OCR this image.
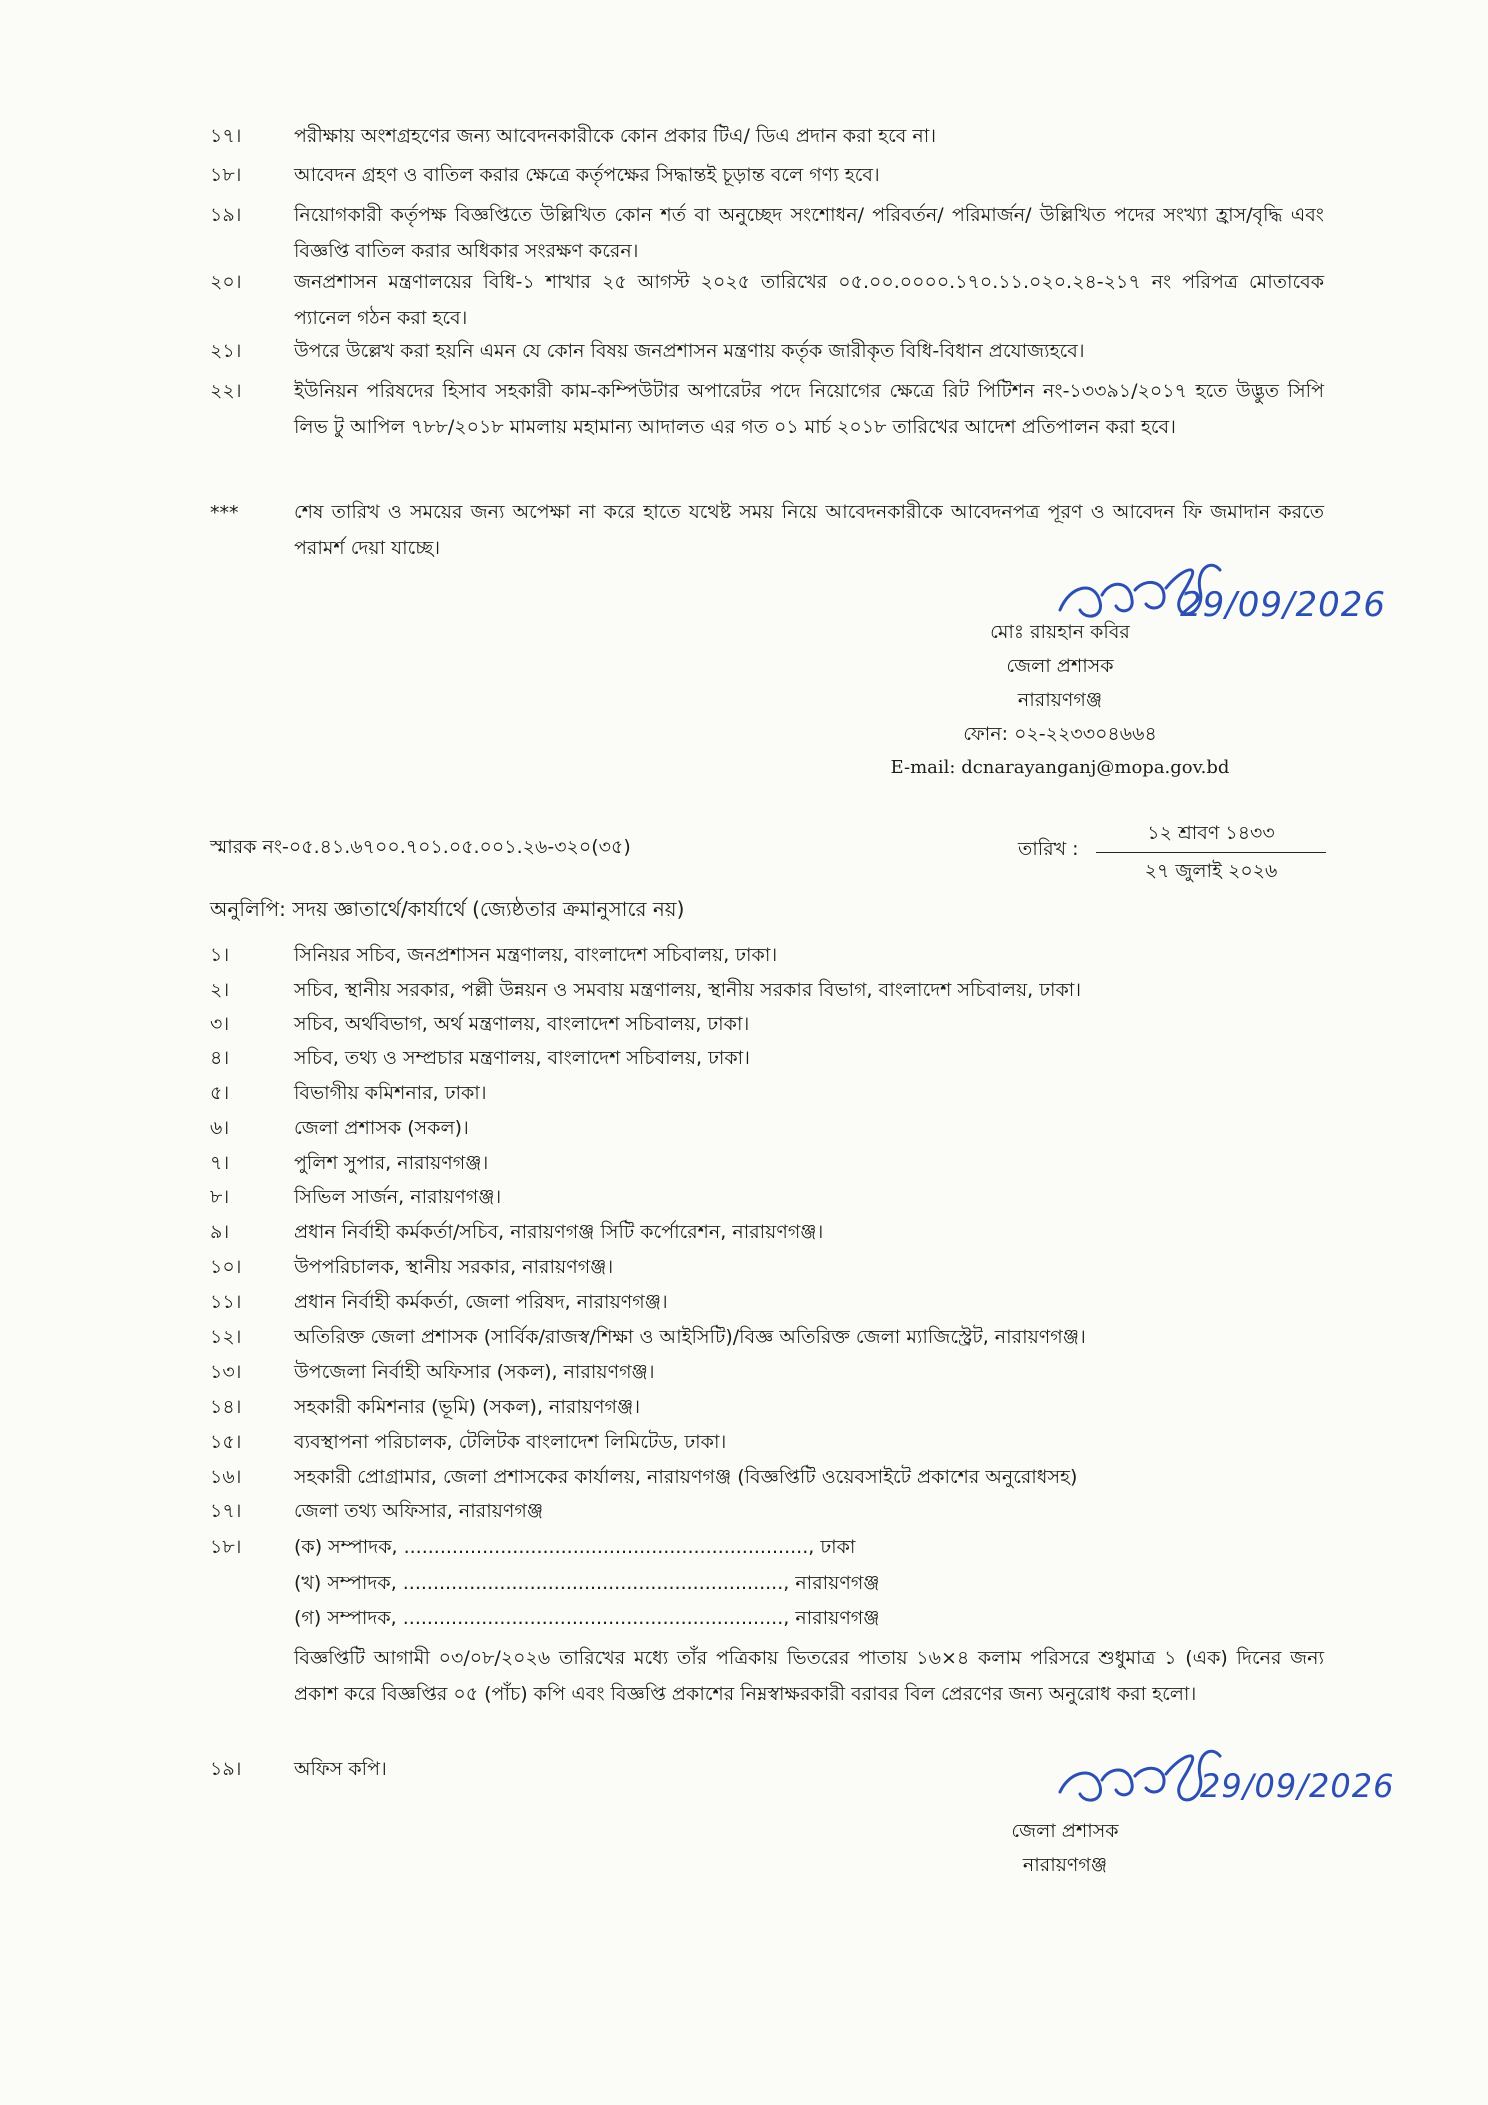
১৭।	পরীক্ষায় অংশগ্রহণের জন্য আবেদনকারীকে কোন প্রকার টিএ/ ডিএ প্রদান করা হবে না।
১৮।	আবেদন গ্রহণ ও বাতিল করার ক্ষেত্রে কর্তৃপক্ষের সিদ্ধান্তই চূড়ান্ত বলে গণ্য হবে।
১৯।	নিয়োগকারী কর্তৃপক্ষ বিজ্ঞপ্তিতে উল্লিখিত কোন শর্ত বা অনুচ্ছেদ সংশোধন/ পরিবর্তন/ পরিমার্জন/ উল্লিখিত পদের সংখ্যা হ্রাস/বৃদ্ধি এবং বিজ্ঞপ্তি বাতিল করার অধিকার সংরক্ষণ করেন।
২০।	জনপ্রশাসন মন্ত্রণালয়ের বিধি-১ শাখার ২৫ আগস্ট ২০২৫ তারিখের ০৫.০০.০০০০.১৭০.১১.০২০.২৪-২১৭ নং পরিপত্র মোতাবেক প্যানেল গঠন করা হবে।
২১।	উপরে উল্লেখ করা হয়নি এমন যে কোন বিষয় জনপ্রশাসন মন্ত্রণায় কর্তৃক জারীকৃত বিধি-বিধান প্রযোজ্যহবে।
২২।	ইউনিয়ন পরিষদের হিসাব সহকারী কাম-কম্পিউটার অপারেটর পদে নিয়োগের ক্ষেত্রে রিট পিটিশন নং-১৩৩৯১/২০১৭ হতে উদ্ভুত সিপি লিভ টু আপিল ৭৮৮/২০১৮ মামলায় মহামান্য আদালত এর গত ০১ মার্চ ২০১৮ তারিখের আদেশ প্রতিপালন করা হবে।
***	শেষ তারিখ ও সময়ের জন্য অপেক্ষা না করে হাতে যথেষ্ট সময় নিয়ে আবেদনকারীকে আবেদনপত্র পূরণ ও আবেদন ফি জমাদান করতে পরামর্শ দেয়া যাচ্ছে।
29/09/2026
মোঃ রায়হান কবির
জেলা প্রশাসক
নারায়ণগঞ্জ
ফোন: ০২-২২৩৩০৪৬৬৪
E-mail: dcnarayanganj@mopa.gov.bd
স্মারক নং-০৫.৪১.৬৭০০.৭০১.০৫.০০১.২৬-৩২০(৩৫)	তারিখ :
১২ শ্রাবণ ১৪৩৩
২৭ জুলাই ২০২৬
অনুলিপি: সদয় জ্ঞাতার্থে/কার্যার্থে (জ্যেষ্ঠতার ক্রমানুসারে নয়)
১।	সিনিয়র সচিব, জনপ্রশাসন মন্ত্রণালয়, বাংলাদেশ সচিবালয়, ঢাকা।
২।	সচিব, স্থানীয় সরকার, পল্লী উন্নয়ন ও সমবায় মন্ত্রণালয়, স্থানীয় সরকার বিভাগ, বাংলাদেশ সচিবালয়, ঢাকা।
৩।	সচিব, অর্থবিভাগ, অর্থ মন্ত্রণালয়, বাংলাদেশ সচিবালয়, ঢাকা।
৪।	সচিব, তথ্য ও সম্প্রচার মন্ত্রণালয়, বাংলাদেশ সচিবালয়, ঢাকা।
৫।	বিভাগীয় কমিশনার, ঢাকা।
৬।	জেলা প্রশাসক (সকল)।
৭।	পুলিশ সুপার, নারায়ণগঞ্জ।
৮।	সিভিল সার্জন, নারায়ণগঞ্জ।
৯।	প্রধান নির্বাহী কর্মকর্তা/সচিব, নারায়ণগঞ্জ সিটি কর্পোরেশন, নারায়ণগঞ্জ।
১০।	উপপরিচালক, স্থানীয় সরকার, নারায়ণগঞ্জ।
১১।	প্রধান নির্বাহী কর্মকর্তা, জেলা পরিষদ, নারায়ণগঞ্জ।
১২।	অতিরিক্ত জেলা প্রশাসক (সার্বিক/রাজস্ব/শিক্ষা ও আইসিটি)/বিজ্ঞ অতিরিক্ত জেলা ম্যাজিস্ট্রেট, নারায়ণগঞ্জ।
১৩।	উপজেলা নির্বাহী অফিসার (সকল), নারায়ণগঞ্জ।
১৪।	সহকারী কমিশনার (ভূমি) (সকল), নারায়ণগঞ্জ।
১৫।	ব্যবস্থাপনা পরিচালক, টেলিটক বাংলাদেশ লিমিটেড, ঢাকা।
১৬।	সহকারী প্রোগ্রামার, জেলা প্রশাসকের কার্যালয়, নারায়ণগঞ্জ (বিজ্ঞপ্তিটি ওয়েবসাইটে প্রকাশের অনুরোধসহ)
১৭।	জেলা তথ্য অফিসার, নারায়ণগঞ্জ
১৮।	(ক) সম্পাদক, ..................................................................., ঢাকা
(খ) সম্পাদক, ..............................................................., নারায়ণগঞ্জ
(গ) সম্পাদক, ..............................................................., নারায়ণগঞ্জ
বিজ্ঞপ্তিটি আগামী ০৩/০৮/২০২৬ তারিখের মধ্যে তাঁর পত্রিকায় ভিতরের পাতায় ১৬×৪ কলাম পরিসরে শুধুমাত্র ১ (এক) দিনের জন্য প্রকাশ করে বিজ্ঞপ্তির ০৫ (পাঁচ) কপি এবং বিজ্ঞপ্তি প্রকাশের নিম্নস্বাক্ষরকারী বরাবর বিল প্রেরণের জন্য অনুরোধ করা হলো।
১৯।	অফিস কপি।	29/09/2026
জেলা প্রশাসক
নারায়ণগঞ্জ
